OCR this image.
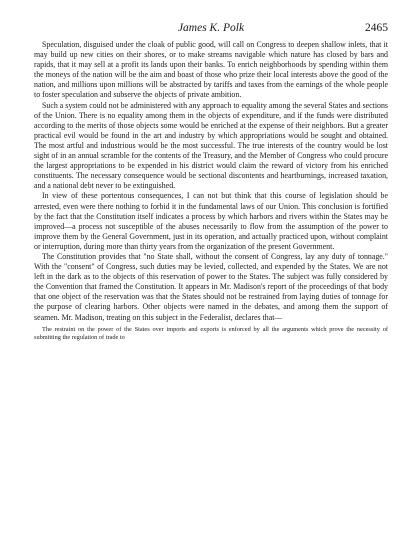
James K. Polk	2465

Speculation, disguised under the cloak of public good, will call on Congress to deepen shallow inlets, that it may build up new cities on their shores, or to make streams navigable which nature has closed by bars and rapids, that it may sell at a profit its lands upon their banks. To enrich neighborhoods by spending within them the moneys of the nation will be the aim and boast of those who prize their local interests above the good of the nation, and millions upon millions will be abstracted by tariffs and taxes from the earnings of the whole people to foster speculation and subserve the objects of private ambition.

Such a system could not be administered with any approach to equality among the several States and sections of the Union. There is no equality among them in the objects of expenditure, and if the funds were distributed according to the merits of those objects some would be enriched at the expense of their neighbors. But a greater practical evil would be found in the art and industry by which appropriations would be sought and obtained. The most artful and industrious would be the most successful. The true interests of the country would be lost sight of in an annual scramble for the contents of the Treasury, and the Member of Congress who could procure the largest appropriations to be expended in his district would claim the reward of victory from his enriched constituents. The necessary consequence would be sectional discontents and heartburnings, increased taxation, and a national debt never to be extinguished.

In view of these portentous consequences, I can not but think that this course of legislation should be arrested, even were there nothing to forbid it in the fundamental laws of our Union. This conclusion is fortified by the fact that the Constitution itself indicates a process by which harbors and rivers within the States may be improved—a process not susceptible of the abuses necessarily to flow from the assumption of the power to improve them by the General Government, just in its operation, and actually practiced upon, without complaint or interruption, during more than thirty years from the organization of the present Government.

The Constitution provides that "no State shall, without the consent of Congress, lay any duty of tonnage." With the "consent" of Congress, such duties may be levied, collected, and expended by the States. We are not left in the dark as to the objects of this reservation of power to the States. The subject was fully considered by the Convention that framed the Constitution. It appears in Mr. Madison's report of the proceedings of that body that one object of the reservation was that the States should not be restrained from laying duties of tonnage for the purpose of clearing harbors. Other objects were named in the debates, and among them the support of seamen. Mr. Madison, treating on this subject in the Federalist, declares that—

The restraint on the power of the States over imports and exports is enforced by all the arguments which prove the necessity of submitting the regulation of trade to
